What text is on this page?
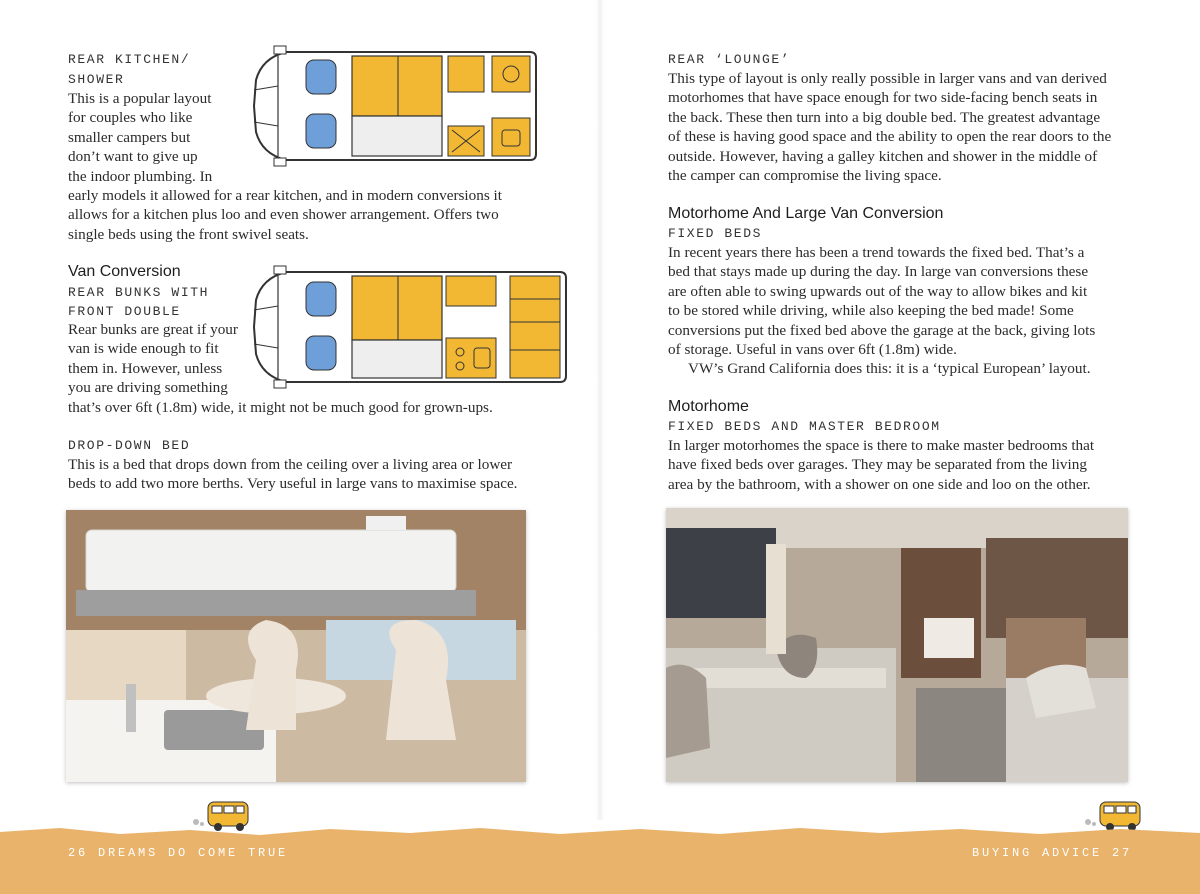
REAR KITCHEN/
SHOWER
This is a popular layout
for couples who like
smaller campers but
don’t want to give up
the indoor plumbing. In
early models it allowed for a rear kitchen, and in modern conversions it
allows for a kitchen plus loo and even shower arrangement. Offers two
single beds using the front swivel seats.
Van Conversion
REAR BUNKS WITH
FRONT DOUBLE
Rear bunks are great if your
van is wide enough to fit
them in. However, unless
you are driving something
that’s over 6ft (1.8m) wide, it might not be much good for grown-ups.
DROP-DOWN BED
This is a bed that drops down from the ceiling over a living area or lower
beds to add two more berths. Very useful in large vans to maximise space.
REAR ‘LOUNGE’
This type of layout is only really possible in larger vans and van derived
motorhomes that have space enough for two side-facing bench seats in
the back. These then turn into a big double bed. The greatest advantage
of these is having good space and the ability to open the rear doors to the
outside. However, having a galley kitchen and shower in the middle of
the camper can compromise the living space.
Motorhome And Large Van Conversion
FIXED BEDS
In recent years there has been a trend towards the fixed bed. That’s a
bed that stays made up during the day. In large van conversions these
are often able to swing upwards out of the way to allow bikes and kit
to be stored while driving, while also keeping the bed made! Some
conversions put the fixed bed above the garage at the back, giving lots
of storage. Useful in vans over 6ft (1.8m) wide.
VW’s Grand California does this: it is a ‘typical European’ layout.
Motorhome
FIXED BEDS AND MASTER BEDROOM
In larger motorhomes the space is there to make master bedrooms that
have fixed beds over garages. They may be separated from the living
area by the bathroom, with a shower on one side and loo on the other.
26 DREAMS DO COME TRUE	BUYING ADVICE 27
